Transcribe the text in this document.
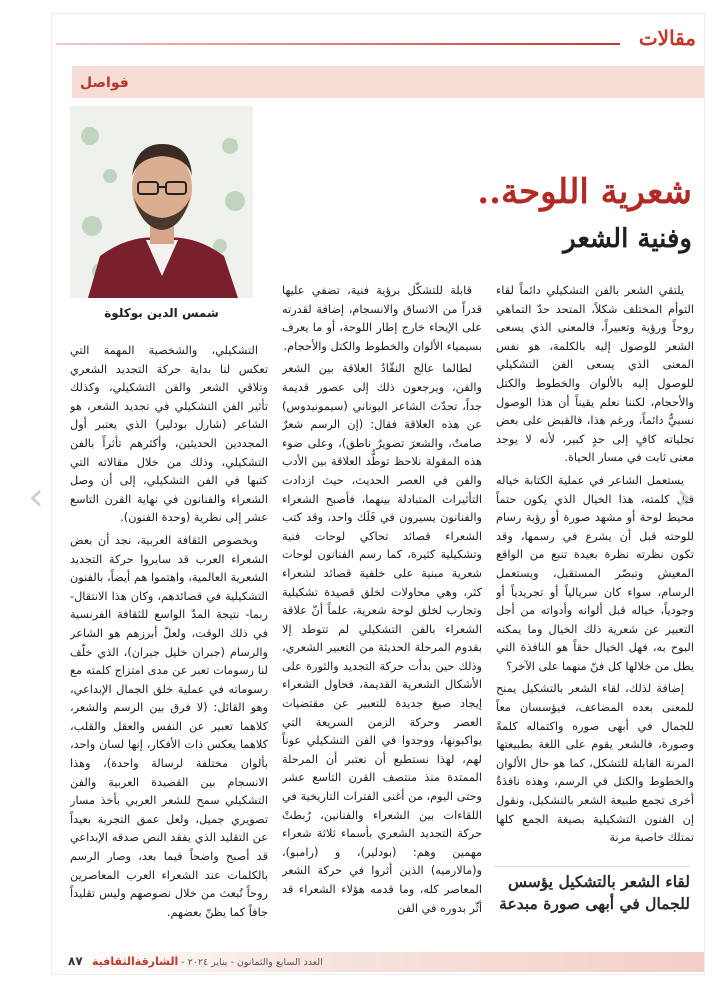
مقالات
فواصل
شمس الدين بوكلوة
شعرية اللوحة..
وفنية الشعر

يلتقي الشعر بالفن التشكيلي دائماً لقاء التوأم المختلف شكلاً، المتحد حدّ التماهي روحاً ورؤية وتعبيراً، فالمعنى الذي يسعى الشعر للوصول إليه بالكلمة، هو نفس المعنى الذي يسعى الفن التشكيلي للوصول إليه بالألوان والخطوط والكتل والأحجام، لكننا نعلم يقيناً أن هذا الوصول نسبيٌّ دائماً، ورغم هذا، فالقبض على بعض تجلياته كافٍ إلى حدٍ كبير، لأنه لا يوجد معنى ثابت في مسار الحياة.

يستعمل الشاعر في عملية الكتابة خياله قبل كلمته، هذا الخيال الذي يكون حتماً محيط لوحة أو مشهد صورة أو رؤية رسام للوحته قبل أن يشرع في رسمها، وقد تكون نظرته نظرة بعيدة تنبع من الواقع المعيش وتبصّر المستقبل، ويستعمل الرسام، سواء كان سريالياً أو تجريدياً أو وجودياً، خياله قبل ألوانه وأدواته من أجل التعبير عن شعرية ذلك الخيال وما يمكنه البوح به، فهل الخيال حقاً هو النافذة التي يطل من خلالها كل فنّ منهما على الآخر؟

إضافة لذلك، لقاء الشعر بالتشكيل يمنح للمعنى بعده المضاعف، فيؤسسان معاً للجمال في أبهى صوره واكتماله كلمةً وصورة، فالشعر يقوم على اللغة بطبيعتها المرنة القابلة للتشكل، كما هو حال الألوان والخطوط والكتل في الرسم، وهذه نافذةٌ أخرى تجمع طبيعة الشعر بالتشكيل، ونقول إن الفنون التشكيلية بصيغة الجمع كلها تمتلك خاصية مرنة

قابلة للتشكّل برؤية فنية، تضفي عليها قدراً من الاتساق والانسجام، إضافة لقدرته على الإيحاء خارج إطار اللوحة، أو ما يعرف بسيمياء الألوان والخطوط والكتل والأحجام.

لطالما عالج النقّادُ العلاقة بين الشعر والفن، ويرجعون ذلك إلى عصور قديمة جداً، تحدّث الشاعر اليوناني (سيمونيدوس) عن هذه العلاقة فقال: (إن الرسم شعرٌ صامتٌ، والشعرَ تصويرٌ ناطق)، وعلى ضوء هذه المقولة نلاحظ توطُّد العلاقة بين الأدب والفن في العصر الحديث، حيث ازدادت التأثيرات المتبادلة بينهما، فأصبح الشعراء والفنانون يسيرون في فَلَك واحد، وقد كتب الشعراء قصائد تحاكي لوحات فنية وتشكيلية كثيرة، كما رسم الفنانون لوحات شعرية مبنية على خلفية قصائد لشعراء كثر، وهي محاولات لخلق قصيدة تشكيلية وتجارب لخلق لوحة شعرية، علماً أنّ علاقة الشعراء بالفن التشكيلي لم تتوطد إلا بقدوم المرحلة الحديثة من التعبير الشعري، وذلك حين بدأت حركة التجديد والثورة على الأشكال الشعرية القديمة، فحاول الشعراء إيجاد صيغ جديدة للتعبير عن مقتضيات العصر وحركة الزمن السريعة التي يواكبونها، ووجدوا في الفن التشكيلي عوناً لهم، لهذا نستطيع أن نعتبر أن المرحلة الممتدة منذ منتصف القرن التاسع عشر وحتى اليوم، من أغنى الفترات التاريخية في اللقاءات بين الشعراء والفنانين، رُبطتْ حركة التجديد الشعري بأسماء ثلاثة شعراء مهمين وهم: (بودلير)، و (رامبو)، و(مالارميه) الذين أثروا في حركة الشعر المعاصر كله، وما قدمه هؤلاء الشعراء قد أثّر بدوره في الفن

التشكيلي، والشخصية المهمة التي تعكس لنا بداية حركة التجديد الشعري وتلاقي الشعر والفن التشكيلي، وكذلك تأثير الفن التشكيلي في تجديد الشعر، هو الشاعر (شارل بودلير) الذي يعتبر أول المجددين الحديثين، وأكثرهم تأثراً بالفن التشكيلي، وذلك من خلال مقالاته التي كتبها في الفن التشكيلي، إلى أن وصل الشعراء والفنانون في نهاية القرن التاسع عشر إلى نظرية (وحدة الفنون).

وبخصوص الثقافة العربية، نجد أن بعض الشعراء العرب قد سايروا حركة التجديد الشعرية العالمية، واهتموا هم أيضاً، بالفنون التشكيلية في قصائدهم، وكان هذا الانتقال- ربما- نتيجة المدّ الواسع للثقافة الفرنسية في ذلك الوقت، ولعلّ أبرزهم هو الشاعر والرسام (جبران خليل جبران)، الذي خلّف لنا رسومات تعبر عن مدى امتزاج كلمته مع رسوماته في عملية خلق الجمال الإبداعي، وهو القائل: (لا فرق بين الرسم والشعر، كلاهما تعبير عن النفس والعقل والقلب، كلاهما يعكس ذات الأفكار، إنها لسان واحد، بألوان مختلفة لرسالة واحدة)، وهذا الانسجام بين القصيدة العربية والفن التشكيلي سمح للشعر العربي بأخذ مسار تصويري جميل، ولعل عمق التجربة بعيداً عن التقليد الذي يفقد النص صدقه الإبداعي قد أصبح واضحاً فيما بعد، وصار الرسم بالكلمات عند الشعراء العرب المعاصرين روحاً تُبعث من خلال نصوصهم وليس تقليداً جافاً كما يظنّ بعضهم.

لقاء الشعر بالتشكيل يؤسس للجمال في أبهى صورة مبدعة
العدد السابع والثمانون - يناير ٢٠٢٤ - الشارقةالثقافية
٨٧
‹	›
